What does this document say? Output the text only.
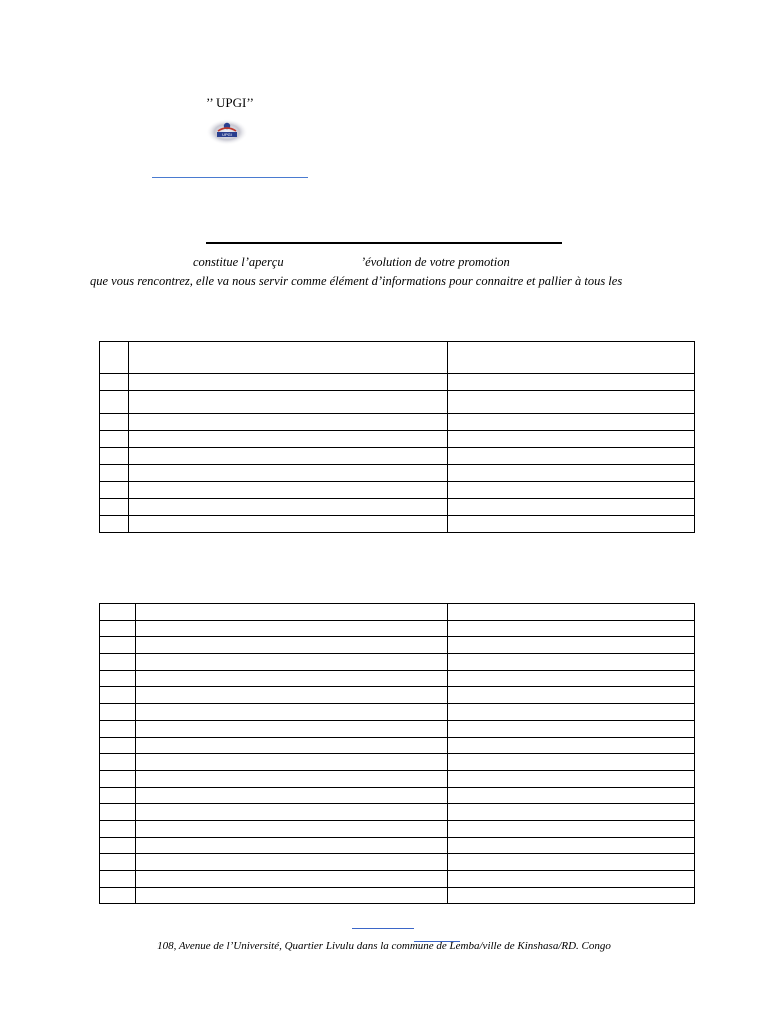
’’ UPGI’’
UPGI
constitue l’aperçu	’évolution de votre promotion
que vous rencontrez, elle va nous servir comme élément d’informations pour connaitre et pallier à tous les

108, Avenue de l’Université, Quartier Livulu dans la commune de Lemba/ville de Kinshasa/RD. Congo
